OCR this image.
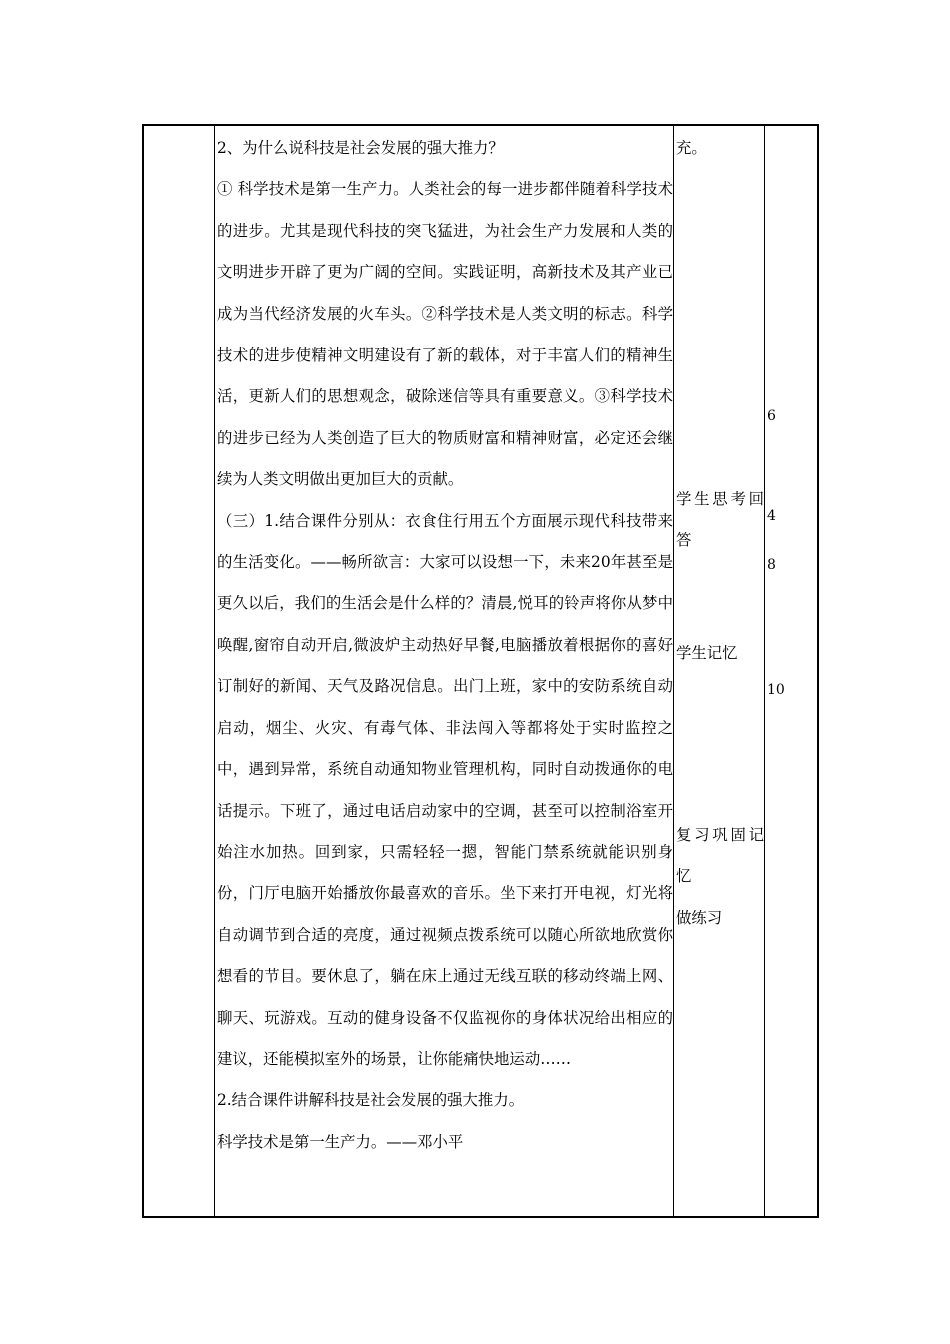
2、为什么说科技是社会发展的强大推力？

① 科学技术是第一生产力。人类社会的每一进步都伴随着科学技术的进步。尤其是现代科技的突飞猛进，为社会生产力发展和人类的文明进步开辟了更为广阔的空间。实践证明，高新技术及其产业已成为当代经济发展的火车头。②科学技术是人类文明的标志。科学技术的进步使精神文明建设有了新的载体，对于丰富人们的精神生活，更新人们的思想观念，破除迷信等具有重要意义。③科学技术的进步已经为人类创造了巨大的物质财富和精神财富，必定还会继续为人类文明做出更加巨大的贡献。

（三）1.结合课件分别从：衣食住行用五个方面展示现代科技带来的生活变化。——畅所欲言：大家可以设想一下，未来20年甚至是更久以后，我们的生活会是什么样的？清晨,悦耳的铃声将你从梦中唤醒,窗帘自动开启,微波炉主动热好早餐,电脑播放着根据你的喜好订制好的新闻、天气及路况信息。出门上班，家中的安防系统自动启动，烟尘、火灾、有毒气体、非法闯入等都将处于实时监控之中，遇到异常，系统自动通知物业管理机构，同时自动拨通你的电话提示。下班了，通过电话启动家中的空调，甚至可以控制浴室开始注水加热。回到家，只需轻轻一摁，智能门禁系统就能识别身份，门厅电脑开始播放你最喜欢的音乐。坐下来打开电视，灯光将自动调节到合适的亮度，通过视频点拨系统可以随心所欲地欣赏你想看的节目。要休息了，躺在床上通过无线互联的移动终端上网、聊天、玩游戏。互动的健身设备不仅监视你的身体状况给出相应的建议，还能模拟室外的场景，让你能痛快地运动……

2.结合课件讲解科技是社会发展的强大推力。

科学技术是第一生产力。——邓小平

充。
学生思考回答
学生记忆
复习巩固记忆
做练习
6
4
8
10
